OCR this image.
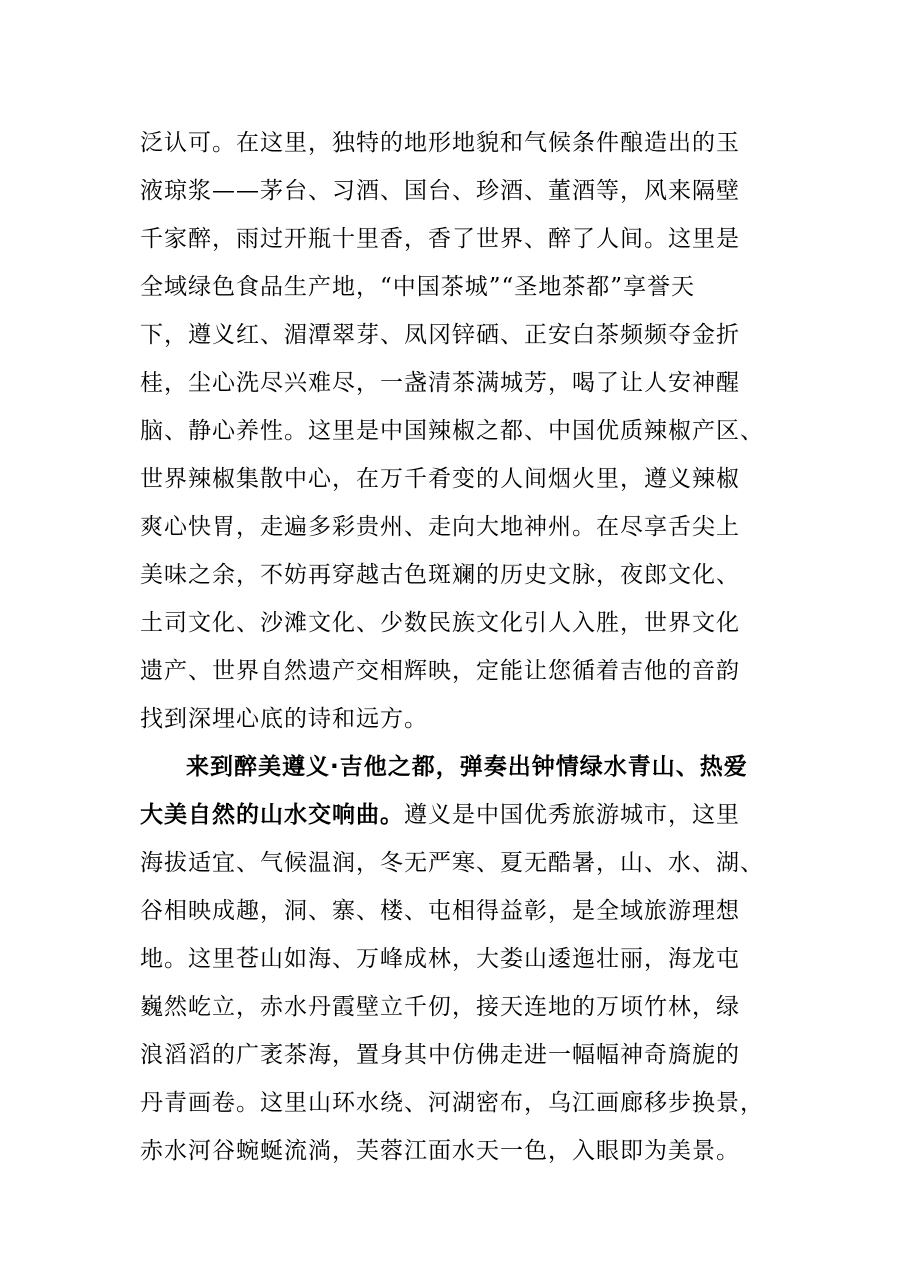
泛认可。在这里，独特的地形地貌和气候条件酿造出的玉
液琼浆——茅台、习酒、国台、珍酒、董酒等，风来隔壁
千家醉，雨过开瓶十里香，香了世界、醉了人间。这里是
全域绿色食品生产地，“中国茶城”“圣地茶都”享誉天
下，遵义红、湄潭翠芽、凤冈锌硒、正安白茶频频夺金折
桂，尘心洗尽兴难尽，一盏清茶满城芳，喝了让人安神醒
脑、静心养性。这里是中国辣椒之都、中国优质辣椒产区、
世界辣椒集散中心，在万千肴变的人间烟火里，遵义辣椒
爽心快胃，走遍多彩贵州、走向大地神州。在尽享舌尖上
美味之余，不妨再穿越古色斑斓的历史文脉，夜郎文化、
土司文化、沙滩文化、少数民族文化引人入胜，世界文化
遗产、世界自然遗产交相辉映，定能让您循着吉他的音韵
找到深埋心底的诗和远方。
来到醉美遵义·吉他之都，弹奏出钟情绿水青山、热爱
大美自然的山水交响曲。遵义是中国优秀旅游城市，这里
海拔适宜、气候温润，冬无严寒、夏无酷暑，山、水、湖、
谷相映成趣，洞、寨、楼、屯相得益彰，是全域旅游理想
地。这里苍山如海、万峰成林，大娄山逶迤壮丽，海龙屯
巍然屹立，赤水丹霞壁立千仞，接天连地的万顷竹林，绿
浪滔滔的广袤茶海，置身其中仿佛走进一幅幅神奇旖旎的
丹青画卷。这里山环水绕、河湖密布，乌江画廊移步换景，
赤水河谷蜿蜒流淌，芙蓉江面水天一色，入眼即为美景。
